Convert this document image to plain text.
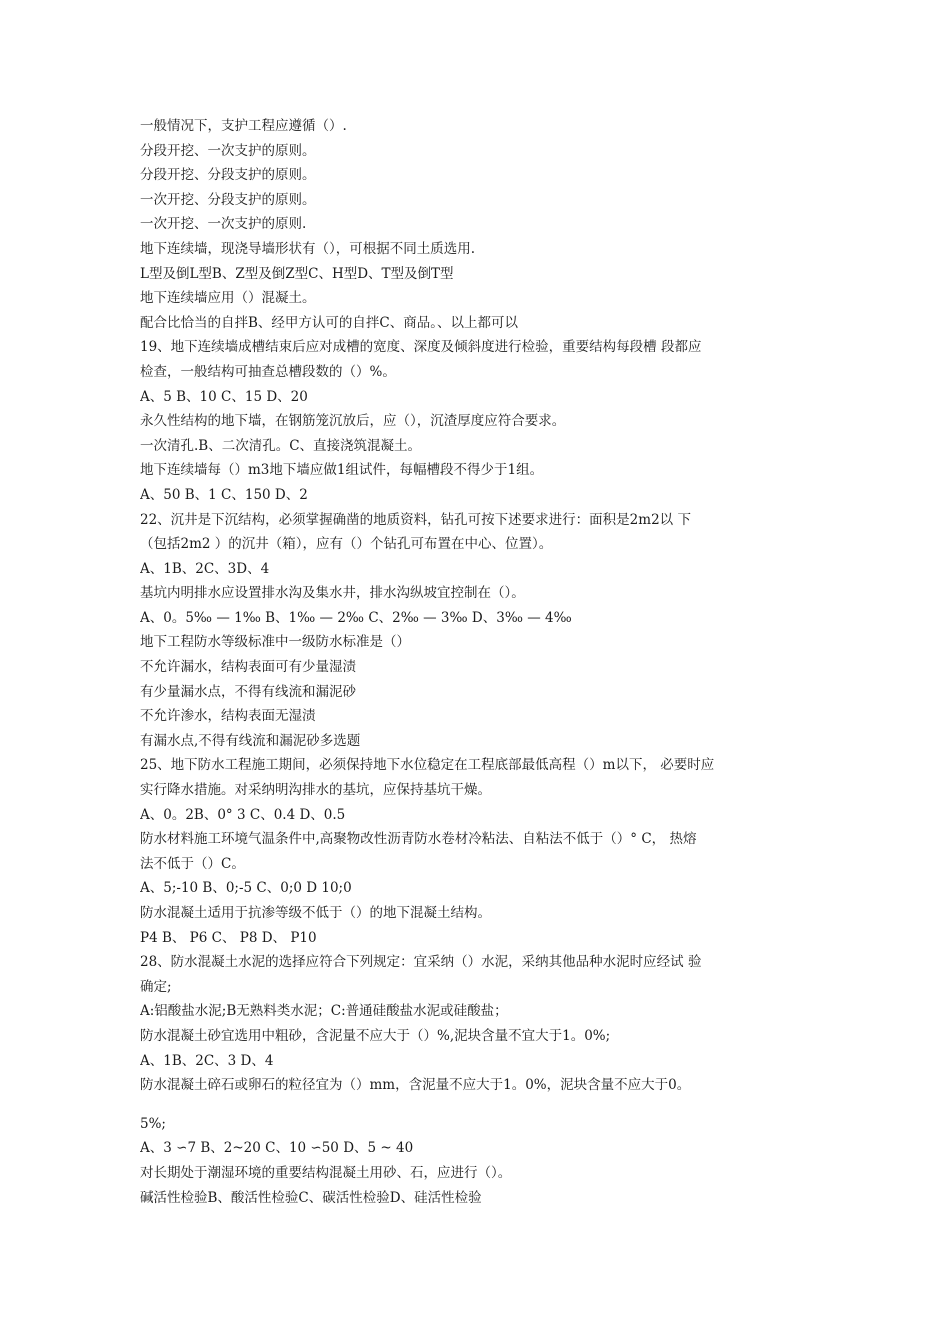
一般情况下，支护工程应遵循（）.
分段开挖、一次支护的原则。
分段开挖、分段支护的原则。
一次开挖、分段支护的原则。
一次开挖、一次支护的原则.
地下连续墙，现浇导墙形状有（），可根据不同土质选用.
L型及倒L型B、Z型及倒Z型C、H型D、T型及倒T型
地下连续墙应用（）混凝土。
配合比恰当的自拌B、经甲方认可的自拌C、商品。、以上都可以
19、地下连续墙成槽结束后应对成槽的宽度、深度及倾斜度进行检验，重要结构每段槽 段都应
检查，一般结构可抽查总槽段数的（）%。
A、5 B、10 C、15 D、20
永久性结构的地下墙，在钢筋笼沉放后，应（），沉渣厚度应符合要求。
一次清孔.B、二次清孔。C、直接浇筑混凝土。
地下连续墙每（）m3地下墙应做1组试件，每幅槽段不得少于1组。
A、50 B、1 C、150 D、2
22、沉井是下沉结构，必须掌握确凿的地质资料，钻孔可按下述要求进行：面积是2m2以 下
（包括2m2 ）的沉井（箱），应有（）个钻孔可布置在中心、位置）。
A、1B、2C、3D、4
基坑内明排水应设置排水沟及集水井，排水沟纵坡宜控制在（）。
A、0。5‰ — 1‰ B、1‰ — 2‰ C、2‰ — 3‰ D、3‰ — 4‰
地下工程防水等级标准中一级防水标准是（）
不允许漏水，结构表面可有少量湿渍
有少量漏水点，不得有线流和漏泥砂
不允许渗水，结构表面无湿渍
有漏水点,不得有线流和漏泥砂多选题
25、地下防水工程施工期间，必须保持地下水位稳定在工程底部最低高程（）m以下， 必要时应
实行降水措施。对采纳明沟排水的基坑，应保持基坑干燥。
A、0。2B、0° 3 C、0.4 D、0.5
防水材料施工环境气温条件中,高聚物改性沥青防水卷材冷粘法、自粘法不低于（）° C， 热熔
法不低于（）C。
A、5;-10 B、0;-5 C、0;0 D 10;0
防水混凝土适用于抗渗等级不低于（）的地下混凝土结构。
P4 B、 P6 C、 P8 D、 P10
28、防水混凝土水泥的选择应符合下列规定：宜采纳（）水泥，采纳其他品种水泥时应经试 验
确定;
A:铝酸盐水泥;B无熟料类水泥；C:普通硅酸盐水泥或硅酸盐；
防水混凝土砂宜选用中粗砂，含泥量不应大于（）%,泥块含量不宜大于1。0%;
A、1B、2C、3 D、4
防水混凝土碎石或卵石的粒径宜为（）mm，含泥量不应大于1。0%，泥块含量不应大于0。
5%;
A、3 ∽7 B、2~20 C、10 ∽50 D、5 ~ 40
对长期处于潮湿环境的重要结构混凝土用砂、石，应进行（）。
碱活性检验B、酸活性检验C、碳活性检验D、硅活性检验
